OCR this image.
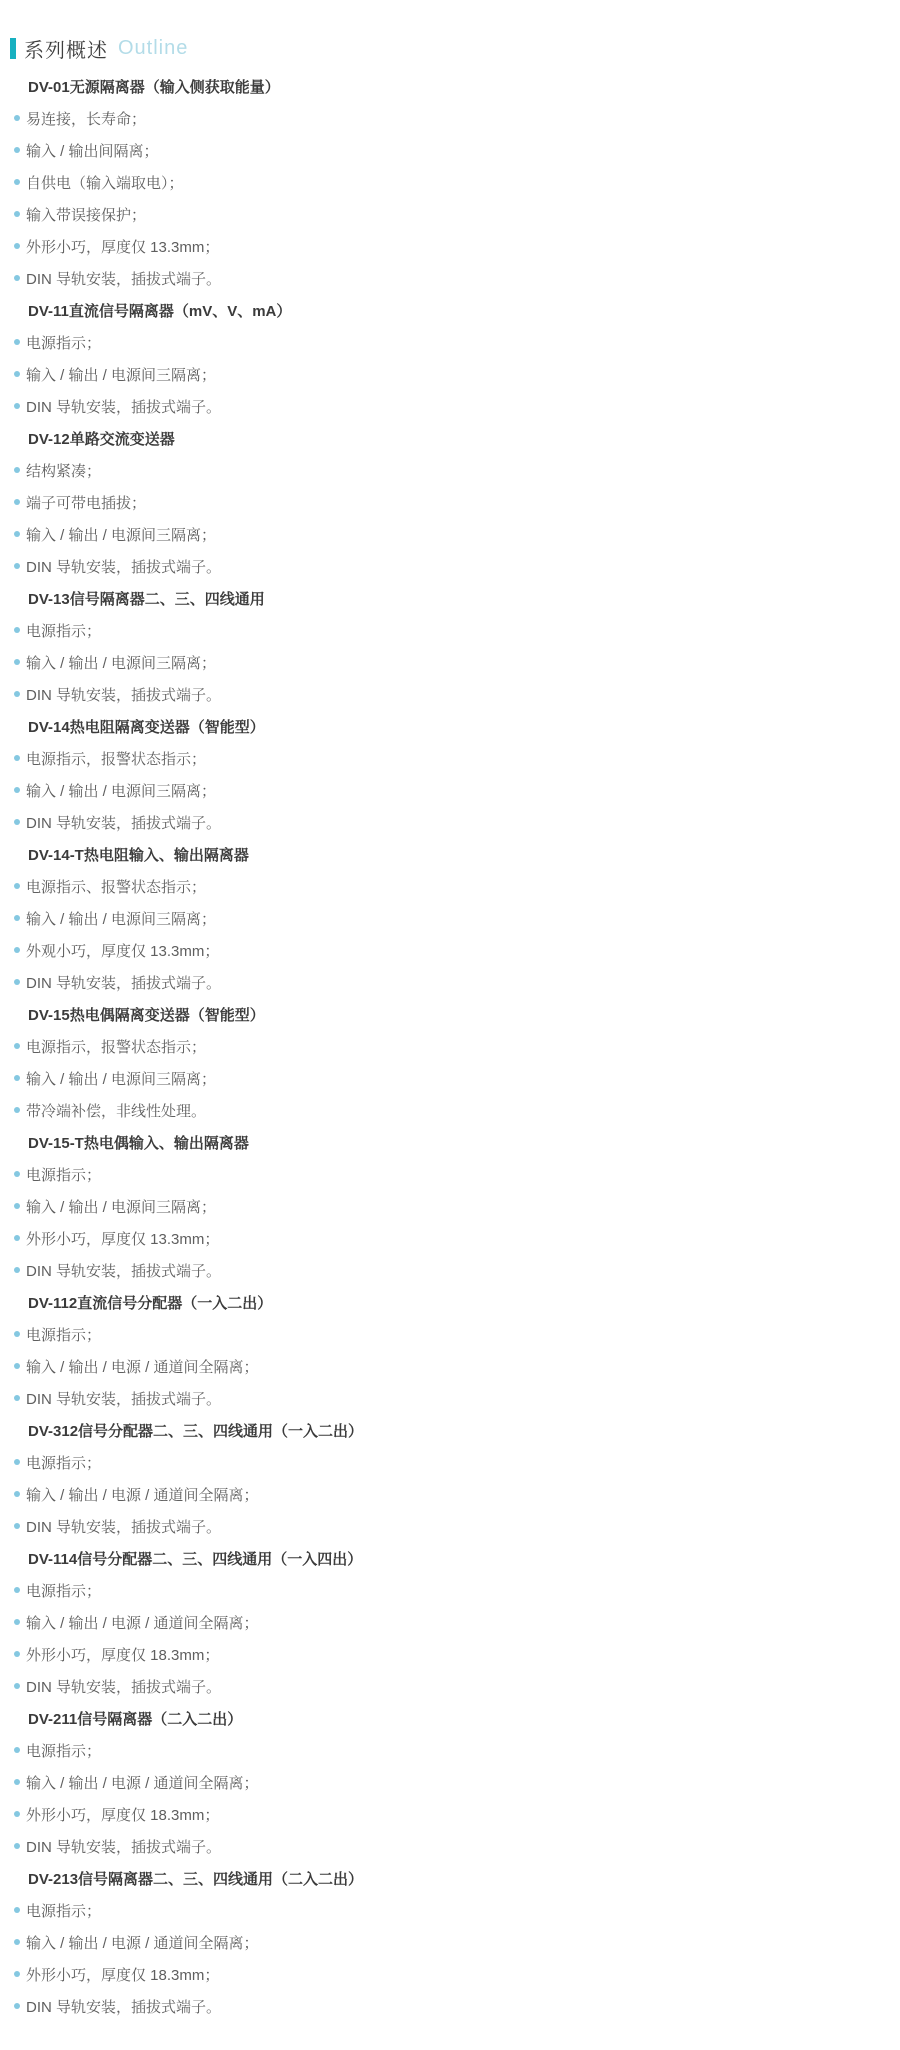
系列概述 Outline
DV-01无源隔离器（输入侧获取能量）
易连接，长寿命；
输入 / 输出间隔离；
自供电（输入端取电）；
输入带误接保护；
外形小巧，厚度仅 13.3mm；
DIN 导轨安装，插拔式端子。
DV-11直流信号隔离器（mV、V、mA）
电源指示；
输入 / 输出 / 电源间三隔离；
DIN 导轨安装，插拔式端子。
DV-12单路交流变送器
结构紧凑；
端子可带电插拔；
输入 / 输出 / 电源间三隔离；
DIN 导轨安装，插拔式端子。
DV-13信号隔离器二、三、四线通用
电源指示；
输入 / 输出 / 电源间三隔离；
DIN 导轨安装，插拔式端子。
DV-14热电阻隔离变送器（智能型）
电源指示，报警状态指示；
输入 / 输出 / 电源间三隔离；
DIN 导轨安装，插拔式端子。
DV-14-T热电阻输入、输出隔离器
电源指示、报警状态指示；
输入 / 输出 / 电源间三隔离；
外观小巧，厚度仅 13.3mm；
DIN 导轨安装，插拔式端子。
DV-15热电偶隔离变送器（智能型）
电源指示，报警状态指示；
输入 / 输出 / 电源间三隔离；
带冷端补偿，非线性处理。
DV-15-T热电偶输入、输出隔离器
电源指示；
输入 / 输出 / 电源间三隔离；
外形小巧，厚度仅 13.3mm；
DIN 导轨安装，插拔式端子。
DV-112直流信号分配器（一入二出）
电源指示；
输入 / 输出 / 电源 / 通道间全隔离；
DIN 导轨安装，插拔式端子。
DV-312信号分配器二、三、四线通用（一入二出）
电源指示；
输入 / 输出 / 电源 / 通道间全隔离；
DIN 导轨安装，插拔式端子。
DV-114信号分配器二、三、四线通用（一入四出）
电源指示；
输入 / 输出 / 电源 / 通道间全隔离；
外形小巧，厚度仅 18.3mm；
DIN 导轨安装，插拔式端子。
DV-211信号隔离器（二入二出）
电源指示；
输入 / 输出 / 电源 / 通道间全隔离；
外形小巧，厚度仅 18.3mm；
DIN 导轨安装，插拔式端子。
DV-213信号隔离器二、三、四线通用（二入二出）
电源指示；
输入 / 输出 / 电源 / 通道间全隔离；
外形小巧，厚度仅 18.3mm；
DIN 导轨安装，插拔式端子。
